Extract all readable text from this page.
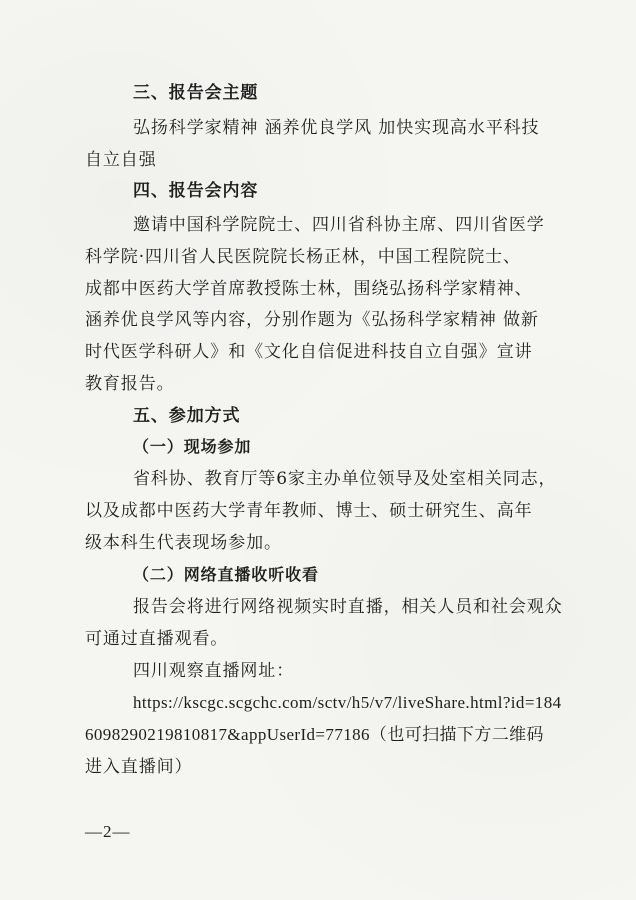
三、报告会主题
弘扬科学家精神 涵养优良学风 加快实现高水平科技
自立自强
四、报告会内容
邀请中国科学院院士、四川省科协主席、四川省医学
科学院·四川省人民医院院长杨正林，中国工程院院士、
成都中医药大学首席教授陈士林，围绕弘扬科学家精神、
涵养优良学风等内容，分别作题为《弘扬科学家精神 做新
时代医学科研人》和《文化自信促进科技自立自强》宣讲
教育报告。
五、参加方式
（一）现场参加
省科协、教育厅等6家主办单位领导及处室相关同志，
以及成都中医药大学青年教师、博士、硕士研究生、高年
级本科生代表现场参加。
（二）网络直播收听收看
报告会将进行网络视频实时直播，相关人员和社会观众
可通过直播观看。
四川观察直播网址：
https://kscgc.scgchc.com/sctv/h5/v7/liveShare.html?id=184
6098290219810817&appUserId=77186（也可扫描下方二维码
进入直播间）
—2—
